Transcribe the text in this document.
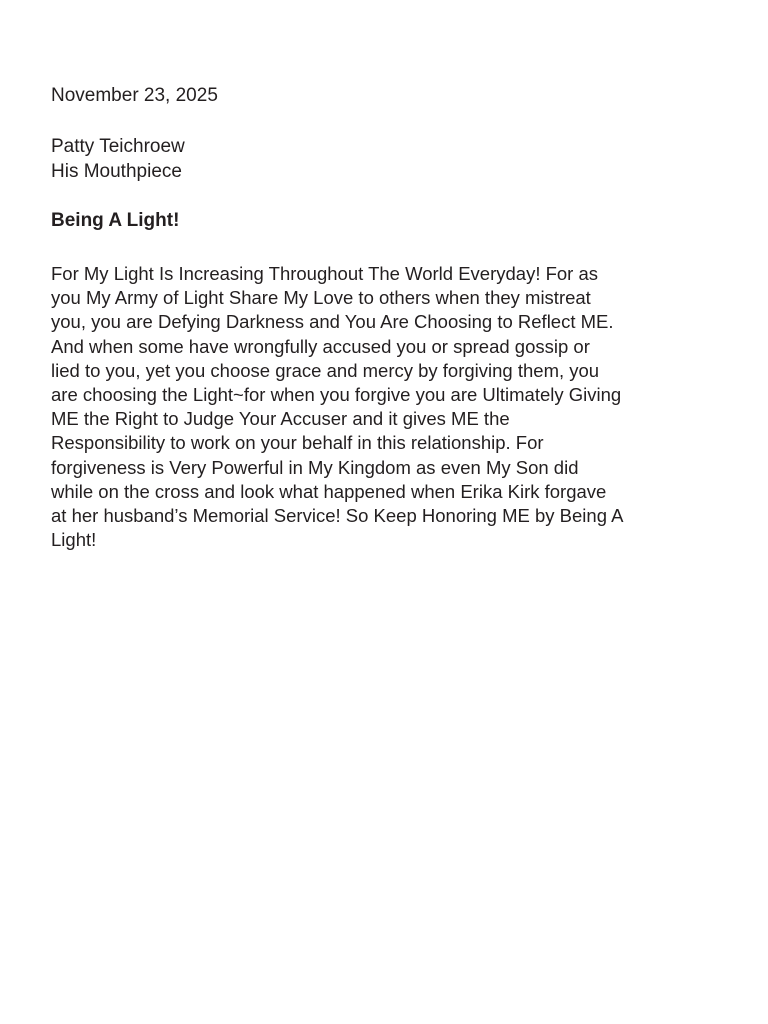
November 23, 2025
Patty Teichroew
His Mouthpiece
Being A Light!
For My Light Is Increasing Throughout The World Everyday! For as
you My Army of Light Share My Love to others when they mistreat
you, you are Defying Darkness and You Are Choosing to Reflect ME.
And when some have wrongfully accused you or spread gossip or
lied to you, yet you choose grace and mercy by forgiving them, you
are choosing the Light~for when you forgive you are Ultimately Giving
ME the Right to Judge Your Accuser and it gives ME the
Responsibility to work on your behalf in this relationship. For
forgiveness is Very Powerful in My Kingdom as even My Son did
while on the cross and look what happened when Erika Kirk forgave
at her husband’s Memorial Service! So Keep Honoring ME by Being A
Light!
